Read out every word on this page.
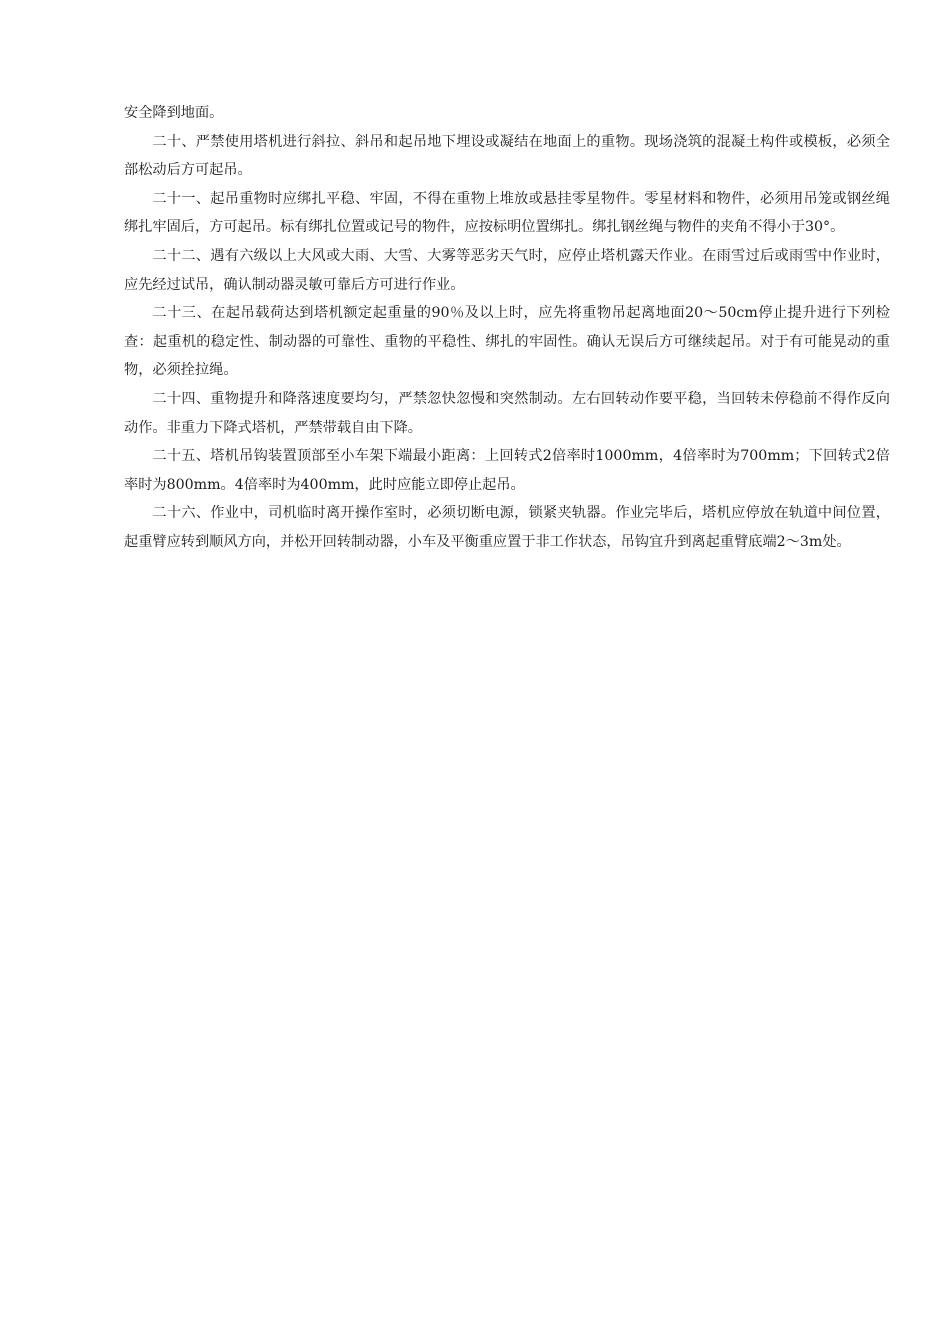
安全降到地面。

二十、严禁使用塔机进行斜拉、斜吊和起吊地下埋设或凝结在地面上的重物。现场浇筑的混凝土构件或模板，必须全部松动后方可起吊。

二十一、起吊重物时应绑扎平稳、牢固，不得在重物上堆放或悬挂零星物件。零星材料和物件，必须用吊笼或钢丝绳绑扎牢固后，方可起吊。标有绑扎位置或记号的物件，应按标明位置绑扎。绑扎钢丝绳与物件的夹角不得小于30°。

二十二、遇有六级以上大风或大雨、大雪、大雾等恶劣天气时，应停止塔机露天作业。在雨雪过后或雨雪中作业时，应先经过试吊，确认制动器灵敏可靠后方可进行作业。

二十三、在起吊载荷达到塔机额定起重量的90％及以上时，应先将重物吊起离地面20～50cm停止提升进行下列检查：起重机的稳定性、制动器的可靠性、重物的平稳性、绑扎的牢固性。确认无误后方可继续起吊。对于有可能晃动的重物，必须拴拉绳。

二十四、重物提升和降落速度要均匀，严禁忽快忽慢和突然制动。左右回转动作要平稳，当回转未停稳前不得作反向动作。非重力下降式塔机，严禁带载自由下降。

二十五、塔机吊钩装置顶部至小车架下端最小距离：上回转式2倍率时1000mm，4倍率时为700mm；下回转式2倍率时为800mm。4倍率时为400mm，此时应能立即停止起吊。

二十六、作业中，司机临时离开操作室时，必须切断电源，锁紧夹轨器。作业完毕后，塔机应停放在轨道中间位置，起重臂应转到顺风方向，并松开回转制动器，小车及平衡重应置于非工作状态，吊钩宜升到离起重臂底端2～3m处。
